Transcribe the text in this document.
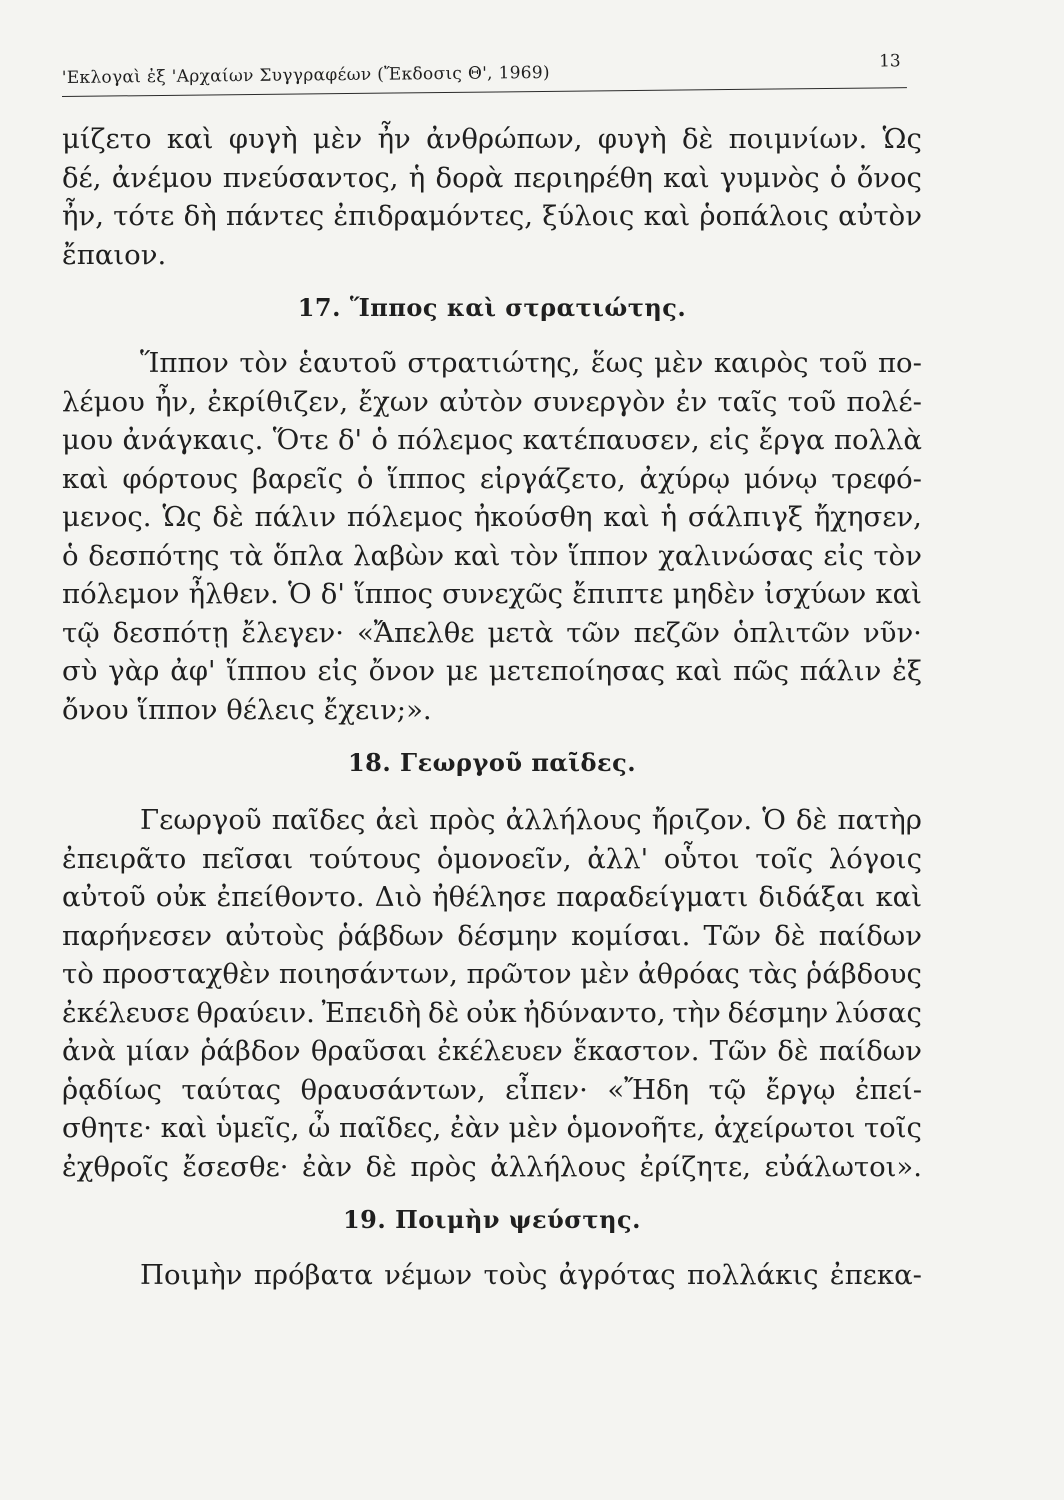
'Εκλογαὶ ἐξ 'Αρχαίων Συγγραφέων (Ἔκδοσις Θ', 1969)
13

μίζετο καὶ φυγὴ μὲν ἦν ἀνθρώπων, φυγὴ δὲ ποιμνίων. Ὡς

δέ, ἀνέμου πνεύσαντος, ἡ δορὰ περιηρέθη καὶ γυμνὸς ὁ ὄνος

ἦν, τότε δὴ πάντες ἐπιδραμόντες, ξύλοις καὶ ῥοπάλοις αὐτὸν

ἔπαιον.

17. Ἵππος καὶ στρατιώτης.

Ἵππον τὸν ἑαυτοῦ στρατιώτης, ἕως μὲν καιρὸς τοῦ πο-

λέμου ἦν, ἐκρίθιζεν, ἔχων αὐτὸν συνεργὸν ἐν ταῖς τοῦ πολέ-

μου ἀνάγκαις. Ὅτε δ' ὁ πόλεμος κατέπαυσεν, εἰς ἔργα πολλὰ

καὶ φόρτους βαρεῖς ὁ ἵππος εἰργάζετο, ἀχύρῳ μόνῳ τρεφό-

μενος. Ὡς δὲ πάλιν πόλεμος ἠκούσθη καὶ ἡ σάλπιγξ ἤχησεν,

ὁ δεσπότης τὰ ὅπλα λαβὼν καὶ τὸν ἵππον χαλινώσας εἰς τὸν

πόλεμον ἦλθεν. Ὁ δ' ἵππος συνεχῶς ἔπιπτε μηδὲν ἰσχύων καὶ

τῷ δεσπότῃ ἔλεγεν· «Ἄπελθε μετὰ τῶν πεζῶν ὁπλιτῶν νῦν·

σὺ γὰρ ἀφ' ἵππου εἰς ὄνον με μετεποίησας καὶ πῶς πάλιν ἐξ

ὄνου ἵππον θέλεις ἔχειν;».

18. Γεωργοῦ παῖδες.

Γεωργοῦ παῖδες ἀεὶ πρὸς ἀλλήλους ἤριζον. Ὁ δὲ πατὴρ

ἐπειρᾶτο πεῖσαι τούτους ὁμονοεῖν, ἀλλ' οὗτοι τοῖς λόγοις

αὐτοῦ οὐκ ἐπείθοντο. Διὸ ἠθέλησε παραδείγματι διδάξαι καὶ

παρήνεσεν αὐτοὺς ῥάβδων δέσμην κομίσαι. Τῶν δὲ παίδων

τὸ προσταχθὲν ποιησάντων, πρῶτον μὲν ἀθρόας τὰς ῥάβδους

ἐκέλευσε θραύειν. Ἐπειδὴ δὲ οὐκ ἠδύναντο, τὴν δέσμην λύσας

ἀνὰ μίαν ῥάβδον θραῦσαι ἐκέλευεν ἕκαστον. Τῶν δὲ παίδων

ῥᾳδίως ταύτας θραυσάντων, εἶπεν· «Ἤδη τῷ ἔργῳ ἐπεί-

σθητε· καὶ ὑμεῖς, ὦ παῖδες, ἐὰν μὲν ὁμονοῆτε, ἀχείρωτοι τοῖς

ἐχθροῖς ἔσεσθε· ἐὰν δὲ πρὸς ἀλλήλους ἐρίζητε, εὐάλωτοι».

19. Ποιμὴν ψεύστης.

Ποιμὴν πρόβατα νέμων τοὺς ἀγρότας πολλάκις ἐπεκα-
